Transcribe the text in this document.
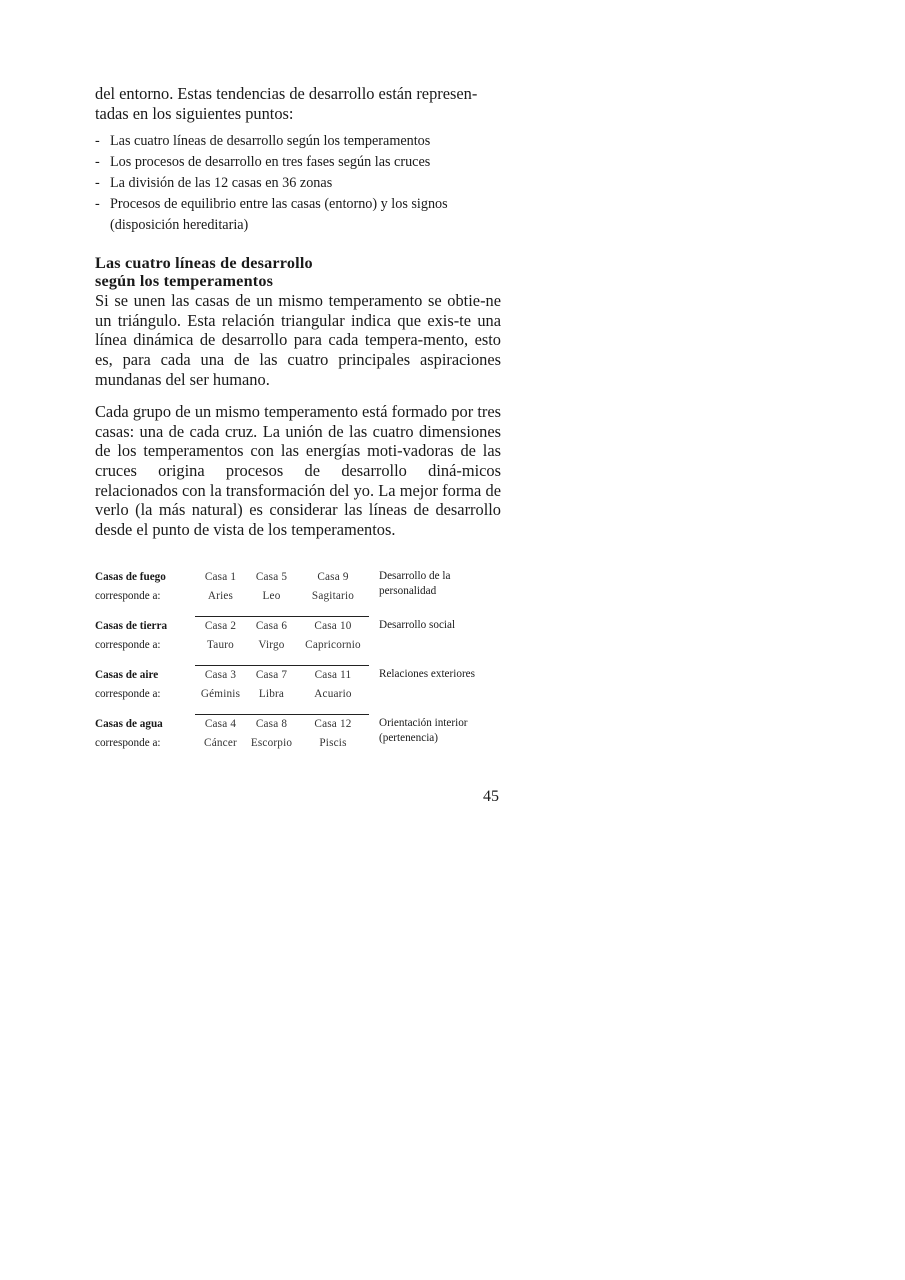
del entorno. Estas tendencias de desarrollo están represen-
tadas en los siguientes puntos:

- Las cuatro líneas de desarrollo según los temperamentos
- Los procesos de desarrollo en tres fases según las cruces
- La división de las 12 casas en 36 zonas
- Procesos de equilibrio entre las casas (entorno) y los signos (disposición hereditaria)
Las cuatro líneas de desarrollo
según los temperamentos

Si se unen las casas de un mismo temperamento se obtie-ne un triángulo. Esta relación triangular indica que exis-te una línea dinámica de desarrollo para cada tempera-mento, esto es, para cada una de las cuatro principales aspiraciones mundanas del ser humano.

Cada grupo de un mismo temperamento está formado por tres casas: una de cada cruz. La unión de las cuatro dimensiones de los temperamentos con las energías moti-vadoras de las cruces origina procesos de desarrollo diná-micos relacionados con la transformación del yo. La mejor forma de verlo (la más natural) es considerar las líneas de desarrollo desde el punto de vista de los temperamentos.

Casas de fuego	Casa 1	Casa 5	Casa 9	Desarrollo de la personalidad
corresponde a:	Aries	Leo	Sagitario	
Casas de tierra	Casa 2	Casa 6	Casa 10	Desarrollo social
corresponde a:	Tauro	Virgo	Capricornio	
Casas de aire	Casa 3	Casa 7	Casa 11	Relaciones exteriores
corresponde a:	Géminis	Libra	Acuario	
Casas de agua	Casa 4	Casa 8	Casa 12	Orientación interior (pertenencia)
corresponde a:	Cáncer	Escorpio	Piscis	
45
